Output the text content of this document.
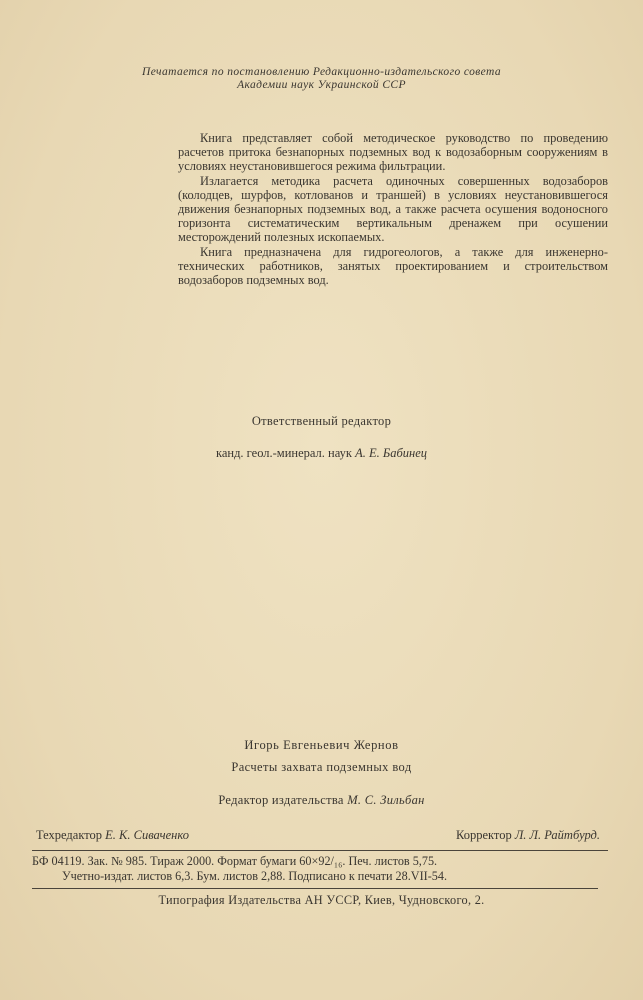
Печатается по постановлению Редакционно-издательского совета
Академии наук Украинской ССР

Книга представляет собой методическое руководство по проведению расчетов притока безнапорных подземных вод к водозаборным сооружениям в условиях неустановившегося режима фильтрации.

Излагается методика расчета одиночных совершенных водозаборов (колодцев, шурфов, котлованов и траншей) в условиях неустановившегося движения безнапорных подземных вод, а также расчета осушения водоносного горизонта систематическим вертикальным дренажем при осушении месторождений полезных ископаемых.

Книга предназначена для гидрогеологов, а также для инженерно-технических работников, занятых проектированием и строительством водозаборов подземных вод.

Ответственный редактор
канд. геол.-минерал. наук А. Е. Бабинец
Игорь Евгеньевич Жернов
Расчеты захвата подземных вод
Редактор издательства М. С. Зильбан
Техредактор Е. К. Сиваченко	Корректор Л. Л. Райтбурд.
БФ 04119. Зак. № 985. Тираж 2000. Формат бумаги 60×92/₁₆. Печ. листов 5,75.
Учетно-издат. листов 6,3. Бум. листов 2,88. Подписано к печати 28.VII-54.
Типография Издательства АН УССР, Киев, Чудновского, 2.
